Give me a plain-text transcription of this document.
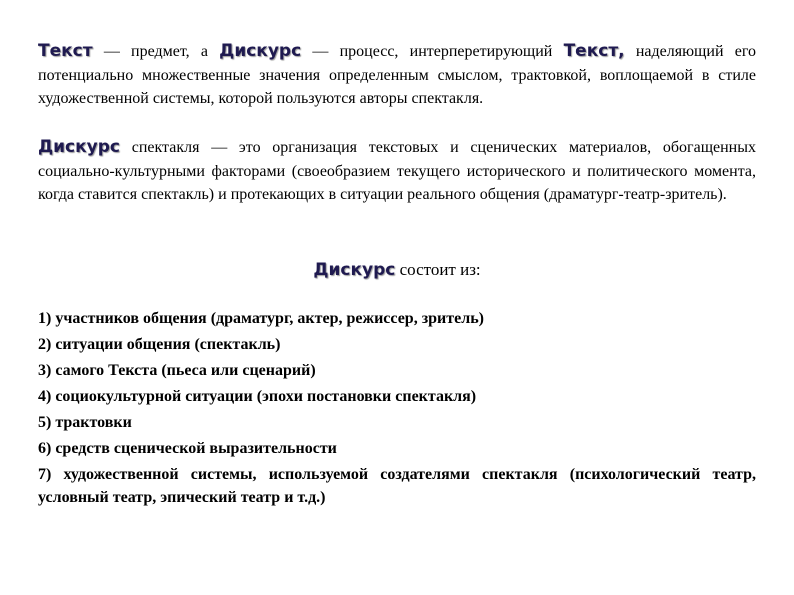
Текст — предмет, а Дискурс — процесс, интерперетирующий Текст, наделяющий его потенциально множественные значения определенным смыслом, трактовкой, воплощаемой в стиле художественной системы, которой пользуются авторы спектакля.

Дискурс спектакля — это организация текстовых и сценических материалов, обогащенных социально-культурными факторами (своеобразием текущего исторического и политического момента, когда ставится спектакль) и протекающих в ситуации реального общения (драматург-театр-зритель).

Дискурс состоит из:

1) участников общения (драматург, актер, режиссер, зритель)
2) ситуации общения (спектакль)
3) самого Текста (пьеса или сценарий)
4) социокультурной ситуации (эпохи постановки спектакля)
5) трактовки
6) средств сценической выразительности
7) художественной системы, используемой создателями спектакля (психологический театр, условный театр, эпический театр и т.д.)
